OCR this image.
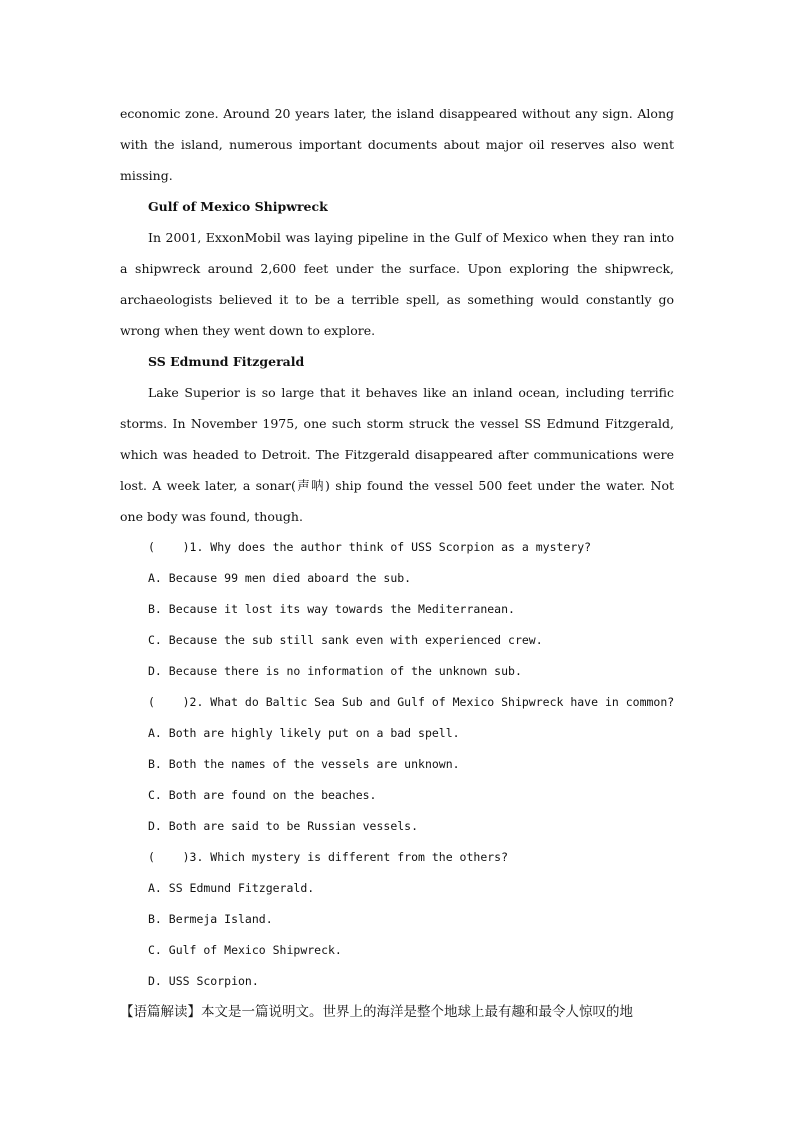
economic zone. Around 20 years later, the island disappeared without any sign. Along with the island, numerous important documents about major oil reserves also went missing.

Gulf of Mexico Shipwreck

In 2001, ExxonMobil was laying pipeline in the Gulf of Mexico when they ran into a shipwreck around 2,600 feet under the surface. Upon exploring the shipwreck, archaeologists believed it to be a terrible spell, as something would constantly go wrong when they went down to explore.

SS Edmund Fitzgerald

Lake Superior is so large that it behaves like an inland ocean, including terrific storms. In November 1975, one such storm struck the vessel SS Edmund Fitzgerald, which was headed to Detroit. The Fitzgerald disappeared after communications were lost. A week later, a sonar(声呐) ship found the vessel 500 feet under the water. Not one body was found, though.

(    )1. Why does the author think of USS Scorpion as a mystery?

A. Because 99 men died aboard the sub.

B. Because it lost its way towards the Mediterranean.

C. Because the sub still sank even with experienced crew.

D. Because there is no information of the unknown sub.

(    )2. What do Baltic Sea Sub and Gulf of Mexico Shipwreck have in common?

A. Both are highly likely put on a bad spell.

B. Both the names of the vessels are unknown.

C. Both are found on the beaches.

D. Both are said to be Russian vessels.

(    )3. Which mystery is different from the others?

A. SS Edmund Fitzgerald.

B. Bermeja Island.

C. Gulf of Mexico Shipwreck.

D. USS Scorpion.

【语篇解读】本文是一篇说明文。世界上的海洋是整个地球上最有趣和最令人惊叹的地
